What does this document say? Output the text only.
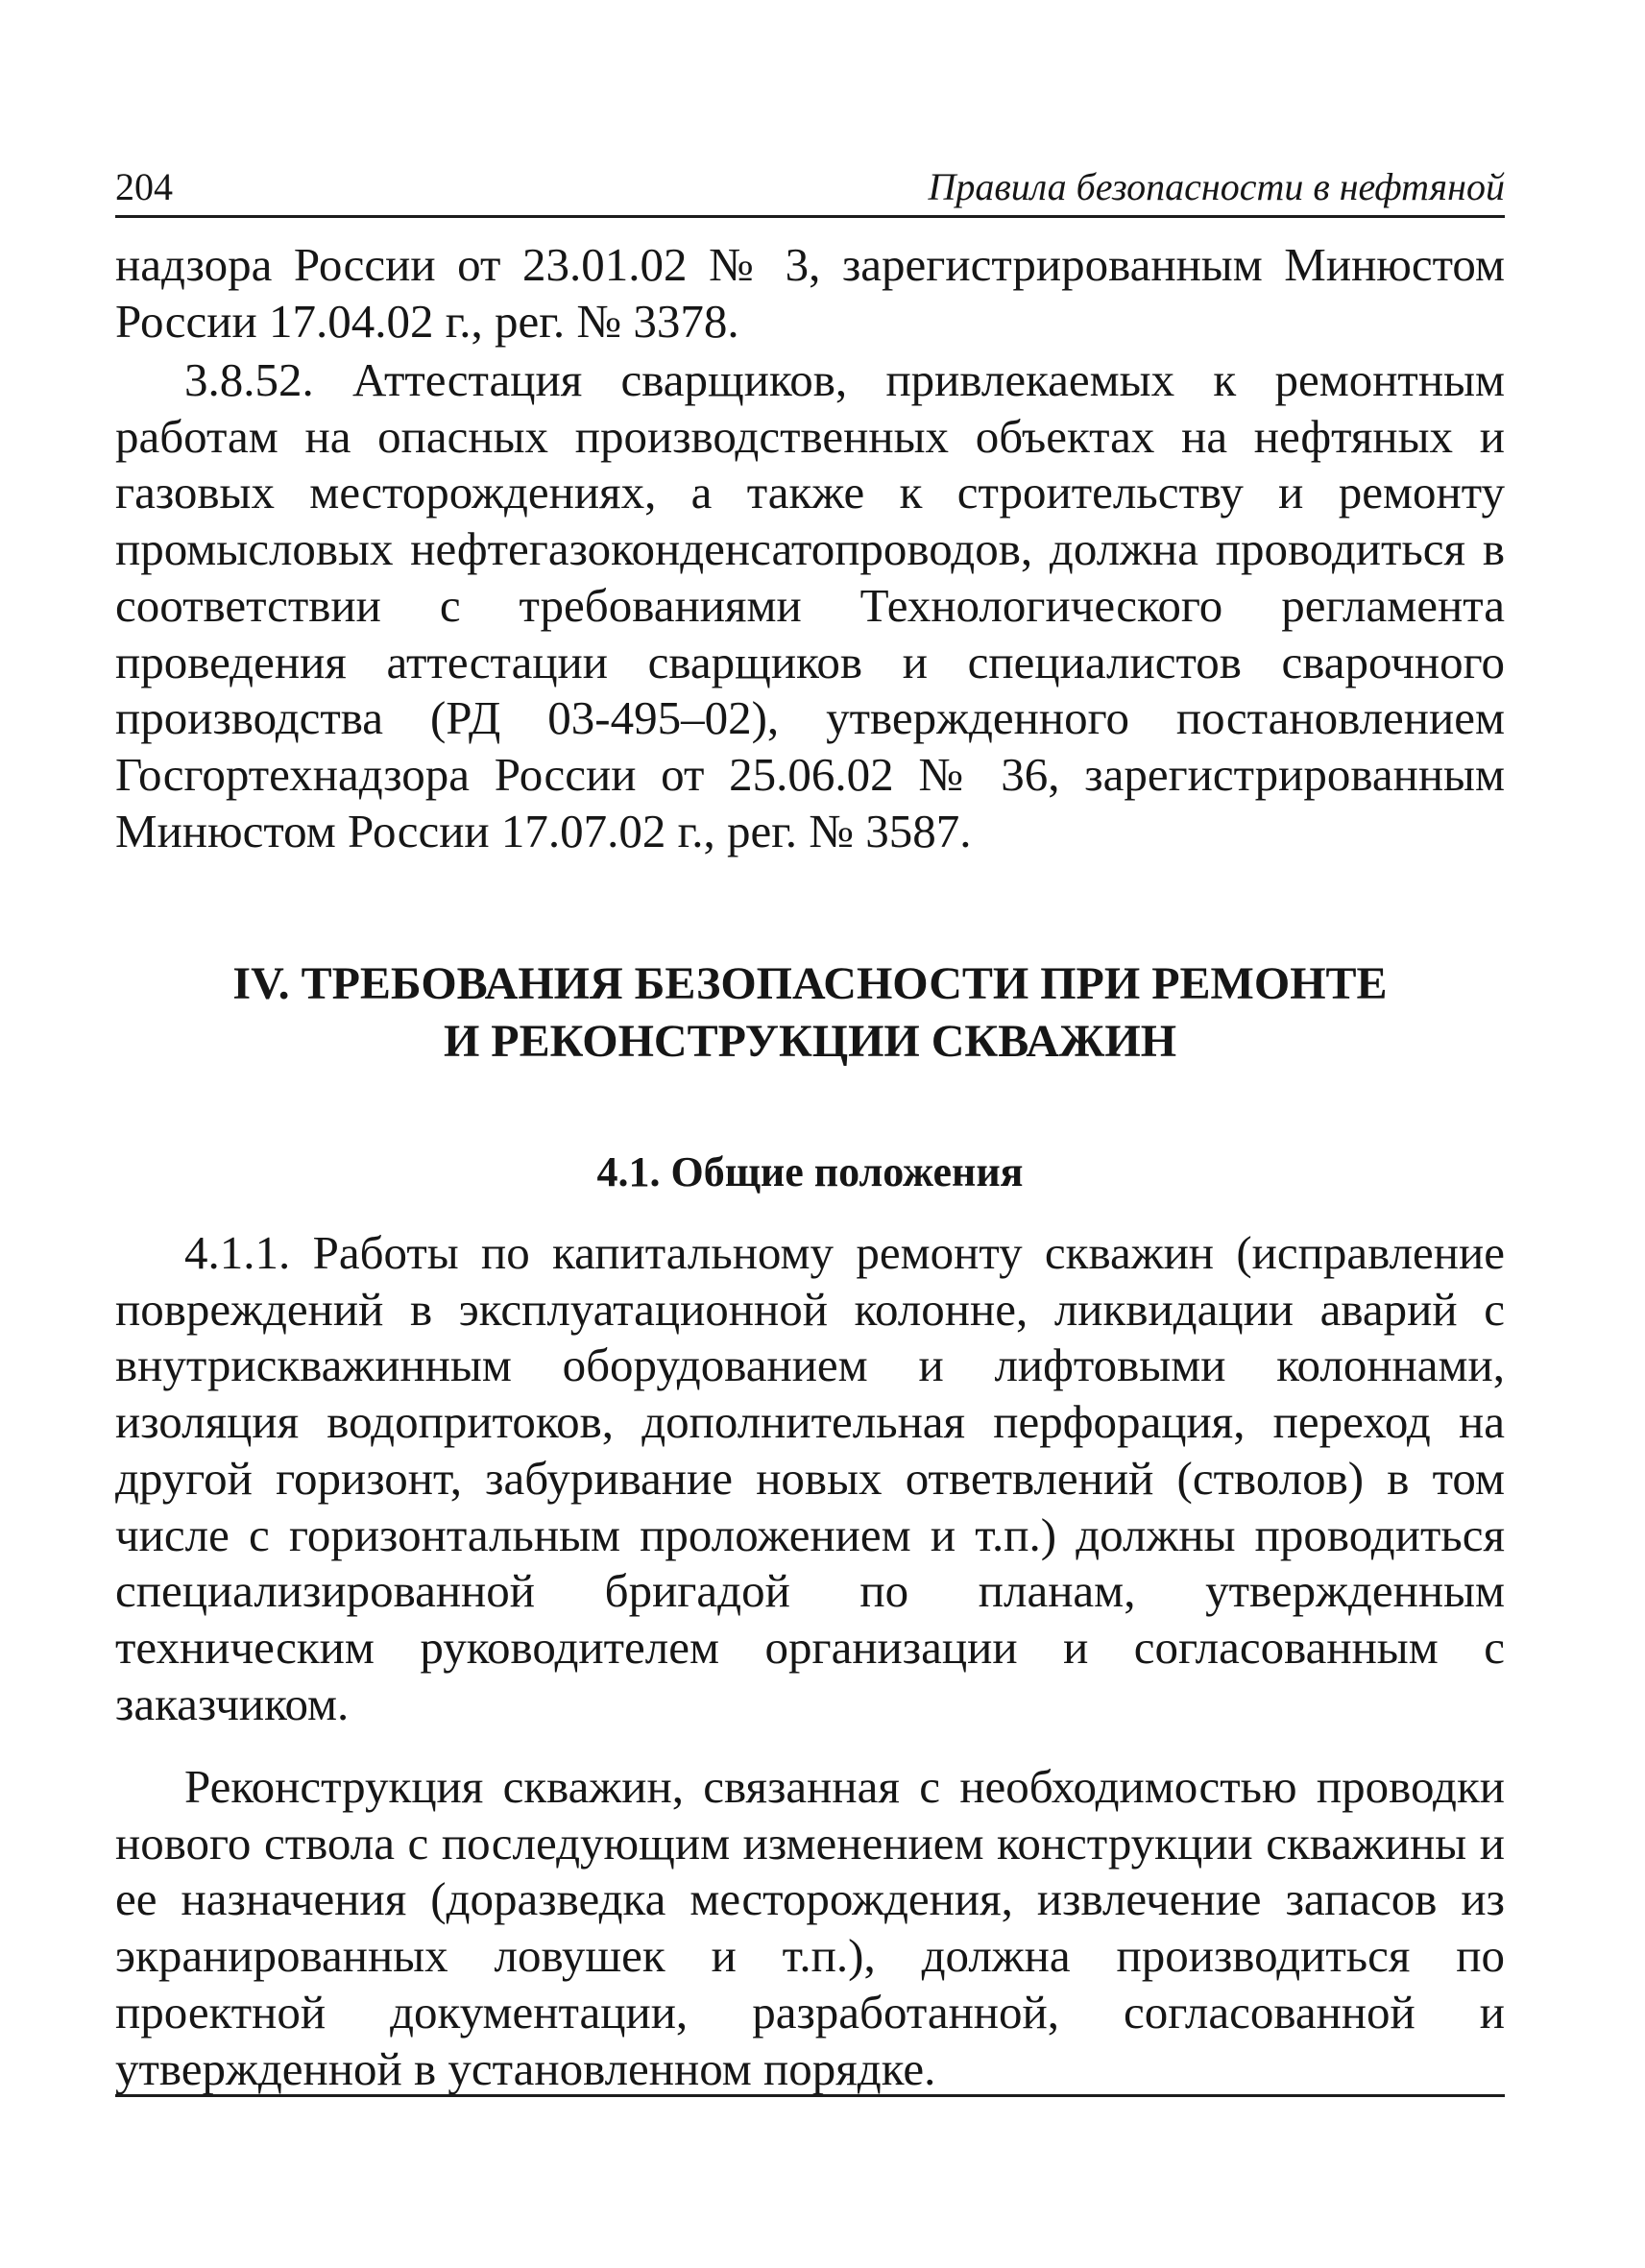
204	Правила безопасности в нефтяной

надзора России от 23.01.02 № 3, зарегистрированным Минюстом России 17.04.02 г., рег. № 3378.

3.8.52. Аттестация сварщиков, привлекаемых к ремонтным работам на опасных производственных объектах на нефтяных и газовых месторождениях, а также к строительству и ремонту промысловых нефтегазоконденсатопроводов, должна проводиться в соответствии с требованиями Технологического регламента проведения аттестации сварщиков и специалистов сварочного производства (РД 03-495–02), утвержденного постановлением Госгортехнадзора России от 25.06.02 № 36, зарегистрированным Минюстом России 17.07.02 г., рег. № 3587.

IV. ТРЕБОВАНИЯ БЕЗОПАСНОСТИ ПРИ РЕМОНТЕ
И РЕКОНСТРУКЦИИ СКВАЖИН
4.1. Общие положения

4.1.1. Работы по капитальному ремонту скважин (исправление повреждений в эксплуатационной колонне, ликвидации аварий с внутрискважинным оборудованием и лифтовыми колоннами, изоляция водопритоков, дополнительная перфорация, переход на другой горизонт, забуривание новых ответвлений (стволов) в том числе с горизонтальным проложением и т.п.) должны проводиться специализированной бригадой по планам, утвержденным техническим руководителем организации и согласованным с заказчиком.

Реконструкция скважин, связанная с необходимостью проводки нового ствола с последующим изменением конструкции скважины и ее назначения (доразведка месторождения, извлечение запасов из экранированных ловушек и т.п.), должна производиться по проектной документации, разработанной, согласованной и утвержденной в установленном порядке.
